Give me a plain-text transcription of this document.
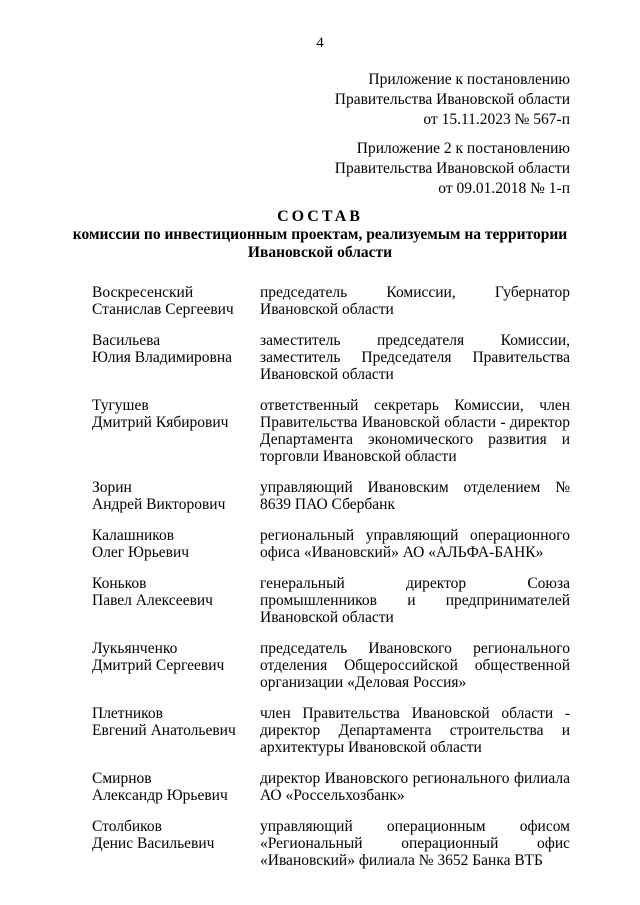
4
Приложение к постановлению
Правительства Ивановской области
от 15.11.2023 № 567-п
Приложение 2 к постановлению
Правительства Ивановской области
от 09.01.2018 № 1-п
СОСТАВ
комиссии по инвестиционным проектам, реализуемым на территории Ивановской области
Воскресенский
Станислав Сергеевич
председатель Комиссии, Губернатор Ивановской области
Васильева
Юлия Владимировна
заместитель председателя Комиссии, заместитель Председателя Правительства Ивановской области
Тугушев
Дмитрий Кябирович
ответственный секретарь Комиссии, член Правительства Ивановской области - директор Департамента экономического развития и торговли Ивановской области
Зорин
Андрей Викторович
управляющий Ивановским отделением № 8639 ПАО Сбербанк
Калашников
Олег Юрьевич
региональный управляющий операционного офиса «Ивановский» АО «АЛЬФА-БАНК»
Коньков
Павел Алексеевич
генеральный директор Союза промышленников и предпринимателей Ивановской области
Лукьянченко
Дмитрий Сергеевич
председатель Ивановского регионального отделения Общероссийской общественной организации «Деловая Россия»
Плетников
Евгений Анатольевич
член Правительства Ивановской области - директор Департамента строительства и архитектуры Ивановской области
Смирнов
Александр Юрьевич
директор Ивановского регионального филиала АО «Россельхозбанк»
Столбиков
Денис Васильевич
управляющий операционным офисом «Региональный операционный офис «Ивановский» филиала № 3652 Банка ВТБ
